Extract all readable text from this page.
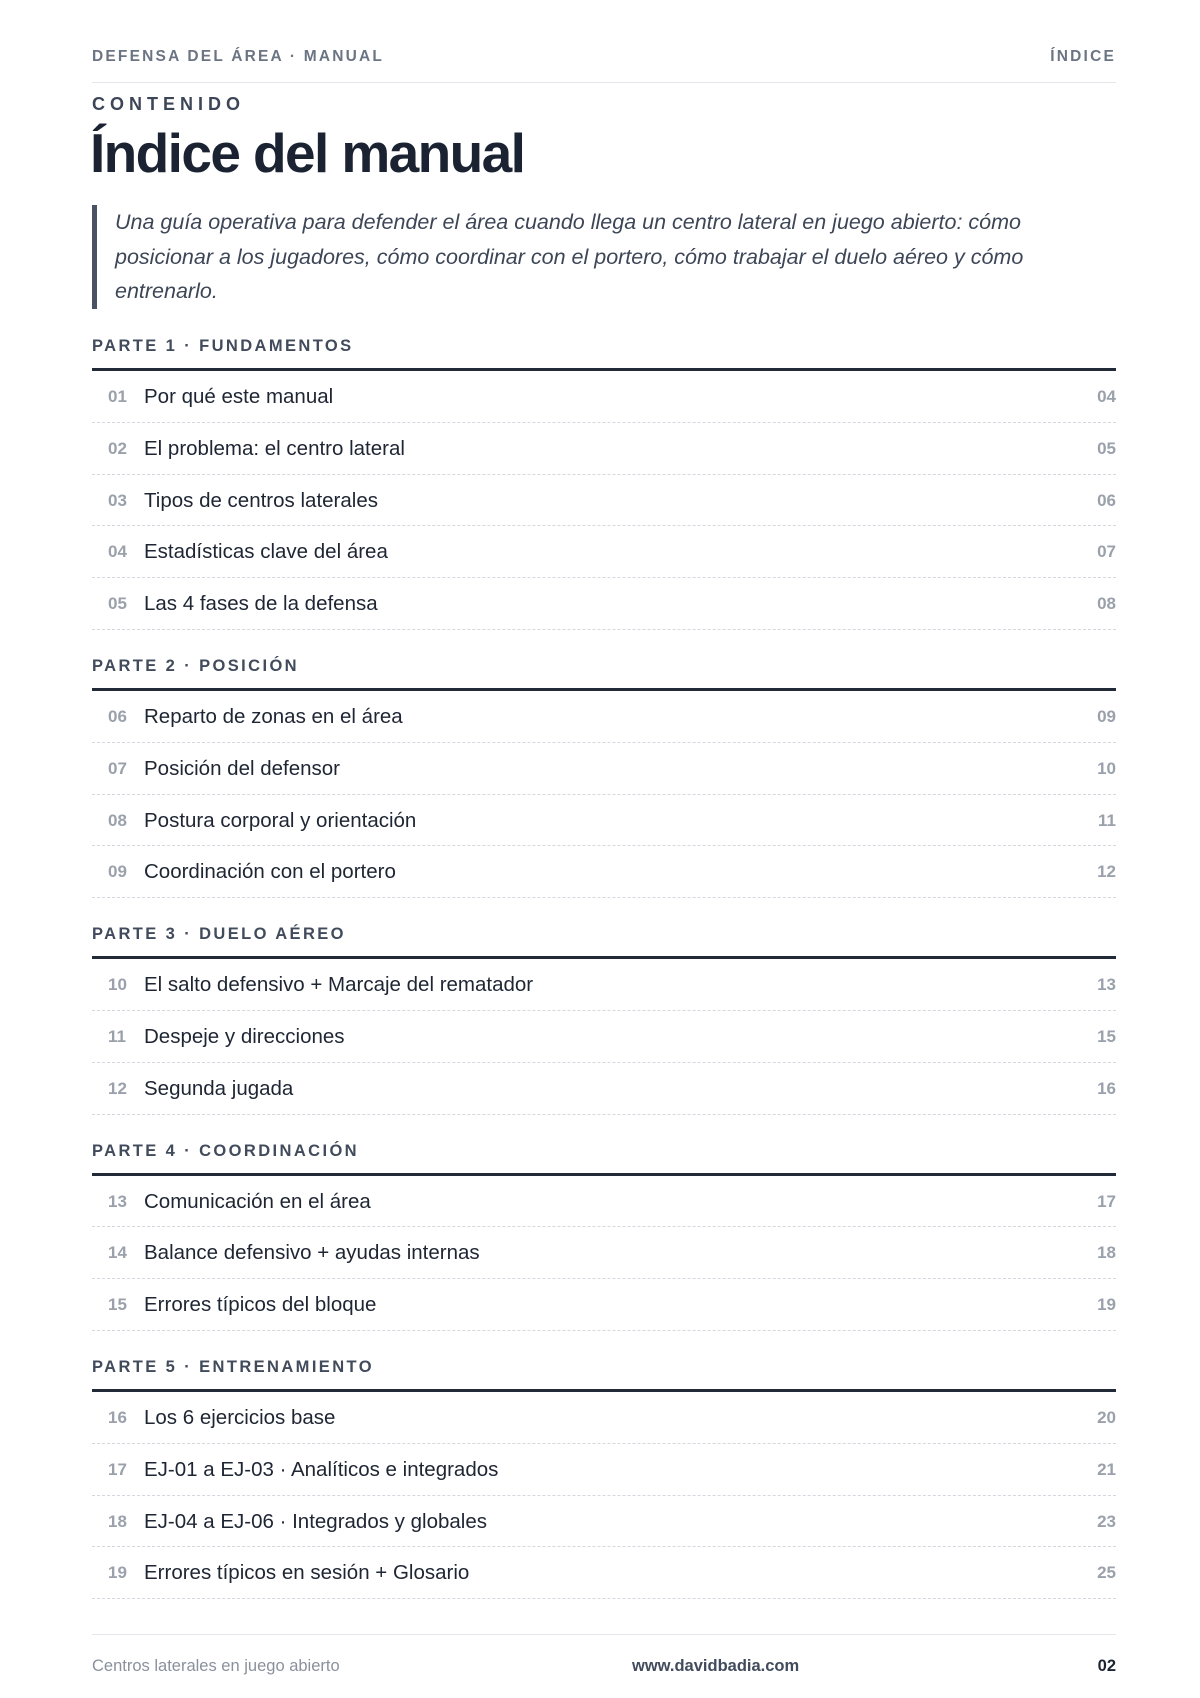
DEFENSA DEL ÁREA · MANUAL	ÍNDICE
CONTENIDO
Índice del manual
Una guía operativa para defender el área cuando llega un centro lateral en juego abierto: cómo posicionar a los jugadores, cómo coordinar con el portero, cómo trabajar el duelo aéreo y cómo entrenarlo.
PARTE 1 · FUNDAMENTOS
01 Por qué este manual	04
02 El problema: el centro lateral	05
03 Tipos de centros laterales	06
04 Estadísticas clave del área	07
05 Las 4 fases de la defensa	08
PARTE 2 · POSICIÓN
06 Reparto de zonas en el área	09
07 Posición del defensor	10
08 Postura corporal y orientación	11
09 Coordinación con el portero	12
PARTE 3 · DUELO AÉREO
10 El salto defensivo + Marcaje del rematador	13
11 Despeje y direcciones	15
12 Segunda jugada	16
PARTE 4 · COORDINACIÓN
13 Comunicación en el área	17
14 Balance defensivo + ayudas internas	18
15 Errores típicos del bloque	19
PARTE 5 · ENTRENAMIENTO
16 Los 6 ejercicios base	20
17 EJ-01 a EJ-03 · Analíticos e integrados	21
18 EJ-04 a EJ-06 · Integrados y globales	23
19 Errores típicos en sesión + Glosario	25
Centros laterales en juego abierto	www.davidbadia.com	02
